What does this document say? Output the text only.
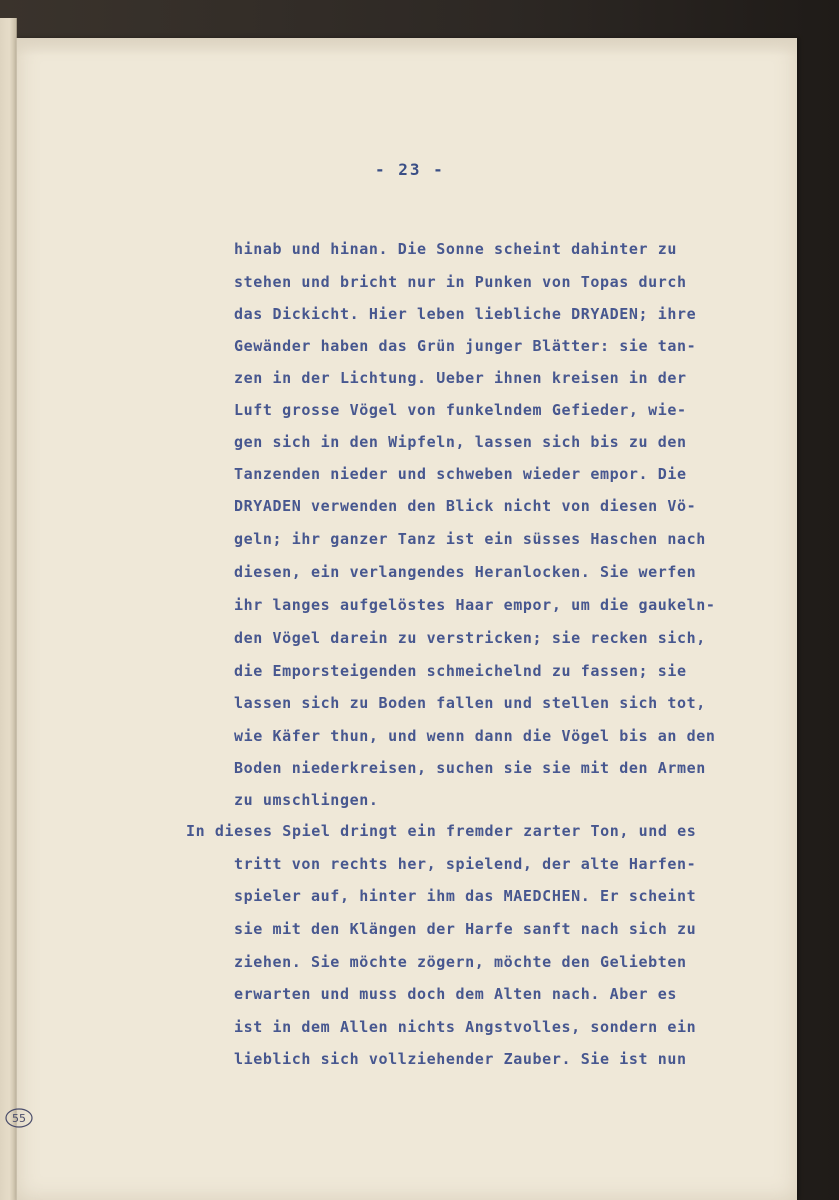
- 23 -
hinab und hinan. Die Sonne scheint dahinter zu
stehen und bricht nur in Punken von Topas durch
das Dickicht. Hier leben liebliche DRYADEN; ihre
Gewänder haben das Grün junger Blätter: sie tan-
zen in der Lichtung. Ueber ihnen kreisen in der
Luft grosse Vögel von funkelndem Gefieder, wie-
gen sich in den Wipfeln, lassen sich bis zu den
Tanzenden nieder und schweben wieder empor. Die
DRYADEN verwenden den Blick nicht von diesen Vö-
geln; ihr ganzer Tanz ist ein süsses Haschen nach
diesen, ein verlangendes Heranlocken. Sie werfen
ihr langes aufgelöstes Haar empor, um die gaukeln-
den Vögel darein zu verstricken; sie recken sich,
die Emporsteigenden schmeichelnd zu fassen; sie
lassen sich zu Boden fallen und stellen sich tot,
wie Käfer thun, und wenn dann die Vögel bis an den
Boden niederkreisen, suchen sie sie mit den Armen
zu umschlingen.
In dieses Spiel dringt ein fremder zarter Ton, und es
tritt von rechts her, spielend, der alte Harfen-
spieler auf, hinter ihm das MAEDCHEN. Er scheint
sie mit den Klängen der Harfe sanft nach sich zu
ziehen. Sie möchte zögern, möchte den Geliebten
erwarten und muss doch dem Alten nach. Aber es
ist in dem Allen nichts Angstvolles, sondern ein
lieblich sich vollziehender Zauber. Sie ist nun
55
